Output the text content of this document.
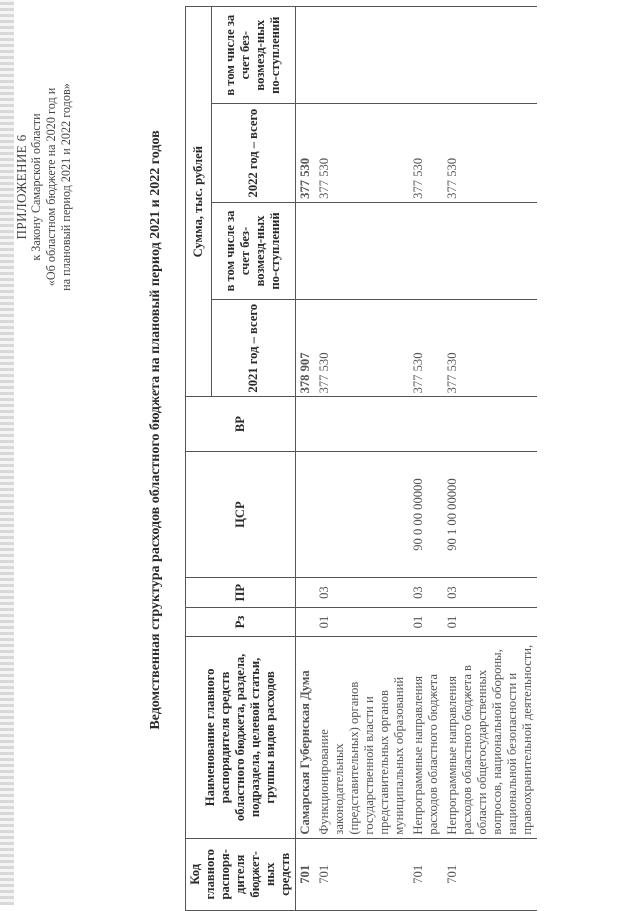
ПРИЛОЖЕНИЕ 6 к Закону Самарской области «Об областном бюджете на 2020 год и на плановый период 2021 и 2022 годов»	Ведомственная структура расходов областного бюджета на плановый период 2021 и 2022 годов
Код главного распоря-дителя бюджет-ных средств	Наименование главного распорядителя средств областного бюджета, раздела, подраздела, целевой статьи, группы видов расходов	Рз	ПР	ЦСР	ВР	Сумма, тыс. рублей			
						2021 год – всего	в том числе за счет без-возмезд-ных по-ступлений	2022 год – всего	в том числе за счет без-возмезд-ных по-ступлений
701	Самарская Губернская Дума					378 907		377 530	
701	Функционирование законодательных (представительных) органов государственной власти и представительных органов муниципальных образований	01	03			377 530		377 530	
701	Непрограммные направления расходов областного бюджета	01	03	90 0 00 00000		377 530		377 530	
701	Непрограммные направления расходов областного бюджета в области общегосударственных вопросов, национальной обороны, национальной безопасности и правоохранительной деятельности,	01	03	90 1 00 00000		377 530		377 530	
